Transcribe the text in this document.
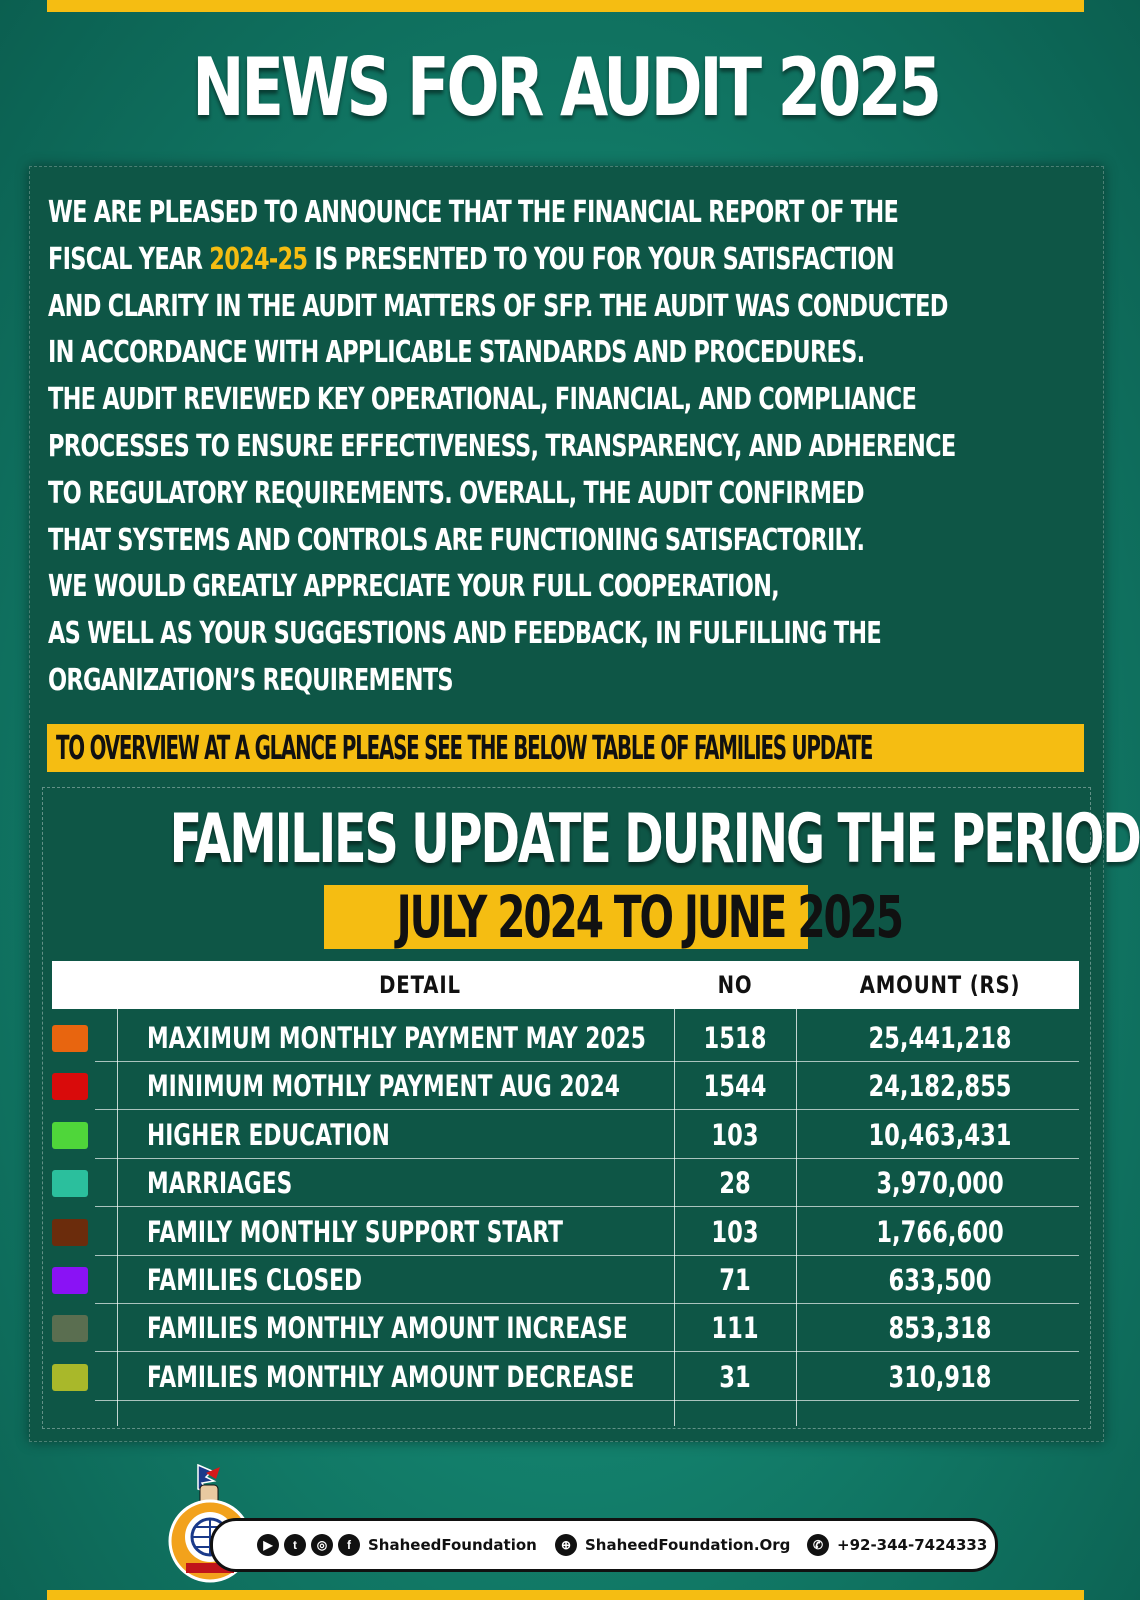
NEWS FOR AUDIT 2025
WE ARE PLEASED TO ANNOUNCE THAT THE FINANCIAL REPORT OF THE
FISCAL YEAR 2024-25 IS PRESENTED TO YOU FOR YOUR SATISFACTION
AND CLARITY IN THE AUDIT MATTERS OF SFP. THE AUDIT WAS CONDUCTED
IN ACCORDANCE WITH APPLICABLE STANDARDS AND PROCEDURES.
THE AUDIT REVIEWED KEY OPERATIONAL, FINANCIAL, AND COMPLIANCE
PROCESSES TO ENSURE EFFECTIVENESS, TRANSPARENCY, AND ADHERENCE
TO REGULATORY REQUIREMENTS. OVERALL, THE AUDIT CONFIRMED
THAT SYSTEMS AND CONTROLS ARE FUNCTIONING SATISFACTORILY.
WE WOULD GREATLY APPRECIATE YOUR FULL COOPERATION,
AS WELL AS YOUR SUGGESTIONS AND FEEDBACK, IN FULFILLING THE
ORGANIZATION’S REQUIREMENTS
TO OVERVIEW AT A GLANCE PLEASE SEE THE BELOW TABLE OF FAMILIES UPDATE
FAMILIES UPDATE DURING THE PERIOD
JULY 2024 TO JUNE 2025
DETAIL	NO	AMOUNT (RS)
MAXIMUM MONTHLY PAYMENT MAY 2025	1518	25,441,218
MINIMUM MOTHLY PAYMENT AUG 2024	1544	24,182,855
HIGHER EDUCATION	103	10,463,431
MARRIAGES	28	3,970,000
FAMILY MONTHLY SUPPORT START	103	1,766,600
FAMILIES CLOSED	71	633,500
FAMILIES MONTHLY AMOUNT INCREASE	111	853,318
FAMILIES MONTHLY AMOUNT DECREASE	31	310,918
▶	t	◎	f	ShaheedFoundation	⊕ ShaheedFoundation.Org	✆ +92-344-7424333
